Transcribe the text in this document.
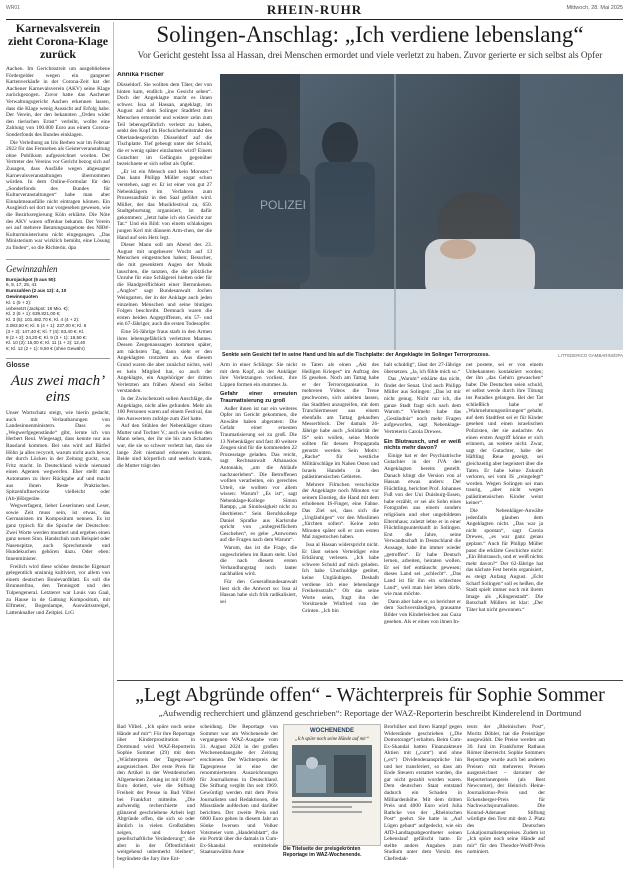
WR01	RHEIN-RUHR	Mittwoch, 28. Mai 2025
Karnevalsverein zieht Corona-Klage zurück

Aachen. Im Gerichtsstreit um ausgebliebene Fördergelder wegen ein gangener Kartenverkäufe in der Corona-Zeit hat der Aachener Karnevalsverein (AKV) seine Klage zurückgezogen. Zuvor hatte das Aachener Verwaltungsgericht Aachen erkennen lassen, dass die Klage wenig Aussicht auf Erfolg habe. Der Verein, der den bekannten „Orden wider den tierischen Ernst“ verleiht, wollte eine Zahlung von 100.000 Euro aus einem Corona-Sonderfonds des Bundes einklagen.

Die Verleihung an Iris Berben war im Februar 2022 für das Fernsehen als Geisterveranstaltung ohne Publikum aufgezeichnet worden. Der Vertreter des Vereins vor Gericht bezog sich auf Zusagen, dass Ausfälle wegen abgesagter Karnevalsveranstaltungen übernommen würden. In dem Online-Formular für den „Sonderfonds des Bundes für Kulturveranstaltungen“ habe man aber Einnahmeausfälle nicht eintragen können. Ein Ausgleich sei dort nur vorgesehen gewesen, wie die Bezirksregierung Köln erklärte. Die Nöte des AKV waren offenbar bekannt. Der Verein sei auf mehrere Beratungsangebote des NRW-Kulturministeriums nicht eingegangen. „Das Ministerium war wirklich bemüht, eine Lösung zu finden“, so die Richterin. dpa

Gewinnzahlen
Eurojackpot (5 aus 50):
6, 9, 17, 25, 41
Eurozahlen (2 aus 12): 4, 10
Gewinnquoten
Kl. 1 (5 + 2):
unbesetzt (Jackpot: 18 Mio. €);
Kl. 2 (5 + 1): 639.821,00 €;
Kl. 3 (5): 101.482,70 €, Kl. 4 (4 + 2):
3.083,50 €; Kl. 5 (4 + 1): 237,00 €; Kl. 6
(3 + 2): 147,40 €; Kl. 7 (4): 83,40 €; Kl.
8 (2 + 2): 24,20 €; Kl. 9 (3 + 1): 18,50 €;
Kl. 10 (3): 15,00 €; Kl. 11 (1 + 2): 12,40
€; Kl. 12 (2 + 1): 9,50 € (ohne Gewähr)
Glosse
Aus zwei mach’ eins

Unser Wortschatz steigt, wie hierin gedacht, auch mit Verlautbarungen von Landesinnenministern. Dass es „Wegwerfgegenstände“ gibt, lernte ich von Herbert Reul. Wiegesagt, dass kennte nur aus Rassland kommen. Bei uns wird auf Bärfed Höhn ja alles recycelt, warum nicht auch bevor, der durch Lücken in der Zeitung guckt, was Fritz macht. In Deutschland würde niemand einen Agenten wegwerfen. Eher stellt man Automaten zu ihrer Rückgabe auf und macht aus ihnen Reste Praktisches. Spitzenluftnerwicke vielleicht oder (Ab-)Hörgeräte.

Wegwerfagent, lieber Leserinnen und Leser, sowie Zeit muss sein, ist etwas, das Germanisten im Kompositum nennen. Es ist ganz typisch für die Sprache der Deutschen: Zwei Worte werden montiert und ergeben einen ganz neuen Sinn. Handschuh zum Beispiel oder Nasenspitze, auch Sprechstunde und Hundekuchen gehören dazu. Oder eben: Innenminister.

Freilich wird diese schöne deutsche Eigenart gelegentlich unsinnig kultiviert, vor allem von einem deutschen Boulevardblatt. Es soll die Brunnenfrau, den Tennisgott und den Tulpengeneral. Letzterer war Louis van Gaal, zu Hause in de Gattung Kompositum, mit Elfmeter, Bogenlampe, Auswärtsstreigel, Lattenknaller und Zeitplei. LrG

Solingen-Anschlag: „Ich verdiene lebenslang“
Vor Gericht gesteht Issa al Hassan, drei Menschen ermordet und viele verletzt zu haben. Zuvor gerierte er sich selbst als Opfer
Annika Fischer

Düsseldorf. Sie wollten dem Täter, der von hinten kam, endlich „ins Gesicht sehen“. Doch der Angeklagte macht es ihnen schwer. Issa al Hassan, angeklagt, im August auf dem Solinger Stadtfest drei Menschen ermordet und weitere zehn zum Teil lebensgefährlich verletzt zu haben, senkt den Kopf im Hochsicherheitstrakt des Oberlandesgerichts Düsseldorf auf die Tischplatte. Tief gebeugt unter der Schuld, die er wenig später einräumen wird? Einem Gutachter im Gefängnis gegenüber bezeichnete er sich selbst als Opfer.

„Er ist ein Mensch und kein Monster.“ Das kann Philipp Müller sogar schon verstehen, sagt er. Er ist einer von gut 27 Nebenklägern im Verfahren zum Prozessauftakt in den Saal geführt wird. Müller, der das Musikfestival zu, 650. Stadtgeburtstag organisiert, ist dafür gekommen: „Jetzt habe ich ein Gesicht zur Tat.“ Und ein Bild: von einem schlaksigen jungen Kerl mit dünnem Arm-chen, der die Hand auf sein Herz legt.

Dieser Mann soll am Abend des 23. August mit ungeheurer Wucht auf 13 Menschen eingestochen haben; Besucher, die mit gesenktem Augen der Musik lauschten, die tanzten, die die plötzliche Unruhe für eine Schlägerei hielten oder für die Handgreiflichkeit einer Betrunkenen. „Anglos“ sagt Bundesanwalt Jochen Weingarten, der in der Anklage auch jeden einzelnen Menschen und seine blutigen Folgen beschreibt. Demnach waren die ersten beiden Angegriffenen, ein 57- und ein 67-Jähriger, auch die ersten Todesopfer.

Eine 56-Jährige fraus starb in den Armen ihres lebensgefährlich verletzten Mannes. Dessen Zeugenaussagen kommen später, am nächsten Tag, dann sieht er den Angeklagten trotzdem an. Aus diesem Grund waren die aber zunächst nichts, weil es kein Mitglied hat, so auch der Angeklagte, ein Angehöriger der dritten Verletzten am frühen Abend ein Selbst verstanden.

In der Zwischenzeit sollen Anschläge, die Angeklagte, nicht alles gefunden. Mehr als 100 Personen waren auf einem Festival, das den Auswertern zufolge zum Ziel hatte.

Auf den Stühlen der Nebenkläger sitzen Mutter und Tochter V.; auch sie wollen den Mann sehen, der ihr sie bis zum Schatten war, die sie so schwer verletzt hat, dass sie lange Zeit niemand erkennen konnten. Beide sind körperlich und seelisch krank, die Mutter trägt den

POLIZEI
Senkte sein Gesicht tief in seine Hand und bis auf die Tischplatte: der Angeklagte im Solinger Terrorprozess.	LITTEDERICO GAMBARINI/DPA

Arm in einer Schlinge: Sie nickt mit dem Kopf, als der Ankläger ihre Verletzungen vorliest, ihre Lippen formen ein stummes Ja.

Gefahr einer erneuten Traumatisierung zu groß

Außer ihnen ist nur ein weiteres Opfer im Gericht gekommen, die Anwälte haben abgeraten: Die Gefahr einer erneuten Traumatisierung sei zu groß. Die 13 Nebenkläger und fast 40 weitere Zeugen sind für die kommenden 22 Prozesstage geladen. Das reicht, sagt Rechtsanwalt Athanasios Antonakis, „um die Abläufe nachzuerleben“. Die Betroffenen wollten verarbeiten, ein gerechtes Urteil, sie wollten vor allem wissen: Warum? „Es ist“, sagt Nebenklage-Kollege Simon Rampp, „an Sinnlosigkeit nicht zu überbieten.“ Sein Berufskollege Daniel Sprafke aus Karlsruhe spricht von „unbegreiflichem Geschehen“, es gebe „Antworten auf die Fragen nach dem Warum“.

Warum, das ist die Frage, die ungeschrieben im Raum steht. Und die nach diesem ersten Verhandlungstag noch lauter nachhallen wird.

Für den Generalbundesanwalt liest sich die Antwort so: Issa al Hassan habe sich früh radikalisiert, sei

te Taten als einen „Akt des Heiligen Krieges“ im Auftrag des IS gesehen. Noch am Tattag habe er der Terrororganisation in mehreren Videos die Treue geschworen, sich anleiten lassen, das Stadtfest anzugreifen, mit dem Tranchiermesser aus einem ebenfalls am Tattag gekauften Messerblock. Der damals 26-Jährige habe auch „Solidarität der IS“ sein wollen, seine Morde sollten für dessen Propaganda genutzt werden. Sein Motiv: „Rache“ für westliche Militärschläge im Nahen Osten und Israels Handeln in den palästinensischen Gebieten.

Mehrere Filmchen verschickte der Angeklagte noch Minuten vor seinem Einstieg, die Hand mit dem erhobenen IS-Finger, eine Fahne. Das Ziel sei, dass sich die „Ungläubigen“ vor den Muslimen „fürchten sollen“. Keine zehn Minuten später soll er zum ersten Mal zugestochen haben.

Issa al Hassan widerspricht nicht. Er lässt seinen Verteidiger eine Erklärung verlesen. „Ich habe schwere Schuld auf mich geladen. Ich habe Unschuldige getötet, keine Ungläubigen. Deshalb verdiene ich eine lebenslange Freiheitsstrafe.“ Ob das seine Worte seien, fragt ihn der Vorsitzende Winfried van der Grinten. „Ich bin

halt schuldig“, lässt der 27-Jährige übersetzen. „Ja, ich fühle mich so.“

Das „Warum“ erklärte das nicht, findet der Senat. Und auch Philipp Müller aus Solingen: „Das ist mir nicht genug. Nicht nur ich, die ganze Stadt fragt sich nach dem Warum.“ Vielmehr habe das „Geständnis“ noch mehr Fragen aufgeworfen, sagt Nebenklage-Vertreterin Carola Drewes.

Ein Blutrausch, und er weiß nichts mehr davon?

Einige hat er der Psychiatrische Gutachter in der JVA den Angeklagten bereits gestellt. Danach klingt die Version von al Hassan etwas anders: Der Flüchtling, berichtet Prof. Johannes Fuß von der Uni Duisburg-Essen, habe erzählt, er sei als Sohn eines Fotografen aus einem sonders religiösen und eher ungebildeten Elternhaus; zuletzt lebte er in einer Flüchtlingsunterkunft in Solingen. Erst die Jahre, seine Verwandtschaft in Deutschland die Aussage, habe ihn immer wieder „getroffen“. Er habe Deutsch lernen, arbeiten, heiraten wollen. Er sei tief enttäuscht gewesen; dieses Land sei „schlecht“. „Das Land ist für ihn ein schlechtes Land“, weil man hier leben dürfe, wie man möchte.

Dann aber habe er, so berichtet er dem Sachverständigen, grausame Bilder von Kinderleichen aus Gaza gesehen. Als er eines von ihnen In-

net postete, sei er von einem Unbekannten kontaktiert worden; der ihn „das Gehirn gewaschen“ habe: Die Deutschen seien schuld, er selbst werde durch ihre Tötung ins Paradies gelangen. Bei der Tat schließlich habe er „Wahrnehmungsstörungen“ gehabt, auf dem Stadtfest sei er für Kinder gesehen und einen israelischen Polizisten, der sie auslachte. An einen ersten Angriff könne er sich erinnern, an weitere nicht. Zwar, sagt der Gutachter, habe der Häftling Reue gezeigt, sei gleichzeitig aber begeistert über die Taten. Er habe keine Zukunft verloren, sei vom IS „reingelegt“ worden. Wegen Solingen sei man traurig, „aber nicht wegen palästinensischen Kinder weint keiner“.

Die Nebenkläger-Anwälte jedenfalls glauben dem Angeklagten nicht. „Das war ja nicht spontan“, sagt Carola Drewes, „es war ganz genau geplant.“ Auch für Philipp Müller passt die erklärte Geschichte nicht: „Ein Blutrausch, und er weiß nichts mehr davon?“ Der 62-Jährige hat das nächste Fest bereits organisiert, es steigt Anfang August. „Echt Scharf Solingen“ soll es heißen, die Stadt spielt immer noch mit ihrem Image als „Klingenstadt“. Die Botschaft Müllers ist klar: „Der Täter hat nicht gewonnen.“

„Legt Abgründe offen“ - Wächterpreis für Sophie Sommer
„Aufwendig recherchiert und glänzend geschrieben“: Reportage der WAZ-Reporterin beschreibt Kinderelend in Dortmund

Bad Vilbel. „Ich spüre noch seine Hände auf mir“: Für ihre Reportage über Kinderprostitution in Dortmund wird WAZ-Reporterin Sophie Sommer (29) mit dem „Wächterpreis der Tagespresse“ ausgezeichnet. Der erste Preis für den Artikel in der Westdeutschen Allgemeinen Zeitung ist mit 10.000 Euro dotiert, wie die Stiftung Freiheit der Presse in Bad Vilbel bei Frankfurt mitteilte. „Die aufwendig recherchierte und glänzend geschriebene Arbeit legt Abgründe offen, die sich so oder ähnlich in vielen Großstädten zeigen, und fordert gesellschaftliche Veränderung“, die aber in der Öffentlichkeit weitgehend unbemerkt bleiben“, begründete die Jury ihre Ent-

scheidung. Die Reportage von Sommer war am Wochenende der vergangenen WAZ-Ausgabe vom 31. August 2024 in der großen Wochenendausgabe der Zeitung erschienen. Der Wächterpreis der Tagespresse ist eine der renommiertesten Auszeichnungen für Journalismus in Deutschland. Die Stiftung vergibt ihn seit 1969. Gewürdigt werden mit dem Preis Journalisten und Redaktionen, die Missstände aufdecken und darüber berichten. Der zweite Preis und 6000 Euro gehen in diesem Jahr an Sönke Iwersen und Volker Votsmeier vom „Handelsblatt“, die ein Porträt über die damals in Cum-Ex-Skandal ermittelnde Staatsanwältin Anne

WOCHENENDE
„Ich spüre noch seine Hände auf mir“
Die Titelseite der preisgekrönten Reportage im WAZ-Wochenende.

Brorhilker und ihren Kampf gegen Widerstände geschrieben („Die Domotorage“) erhalten. Beim Cum-Ex-Skandal hatten Finanzakteure Aktien mit („cum“) und ohne („ex“) Dividendenansprüche hin und her transferiert, so dass am Ende Steuern erstattet wurden, die gar nicht gezahlt worden waren. Dem deutschen Staat entstand dadurch ein Schaden in Milliardenhöhe. Mit dem dritten Preis und 4000 Euro wird Julia Rathcke von der „Rheinischen Post“ geehrt. Sie hatte in „Auf Lügen gebaut“ aufgedeckt, wie ein AfD-Landtagsabgeordneter seinen Lebenslauf gefälscht hatte. Er stellte anders Angaben zum Studium unter dem Vorsitz des Chefredak-

teurs der „Rheinischen Post“, Moritz Döbler, hat die Preisträger ausgewählt. Die Preise werden am 30. Juni im Frankfurter Rathaus Römer überreicht. Sophie Sommers Reportage wurde auch bei anderen Preisen mit mehreren Preisen ausgezeichnet – darunter der Reporterinnenpreis (als Best Newcomer), der Heinrich Heine-Journalismus-Preis und der Eckensberger-Preis für Nachwuchsjournalisten. Die Konrad-Adenauer Stiftung würdigte den Text mit dem 2. Platz des Deutschen Lokaljournalistenpreises. Zudem ist „Ich spüre noch seine Hände auf mir“ für den Theodor-Wolff-Preis nominiert.
